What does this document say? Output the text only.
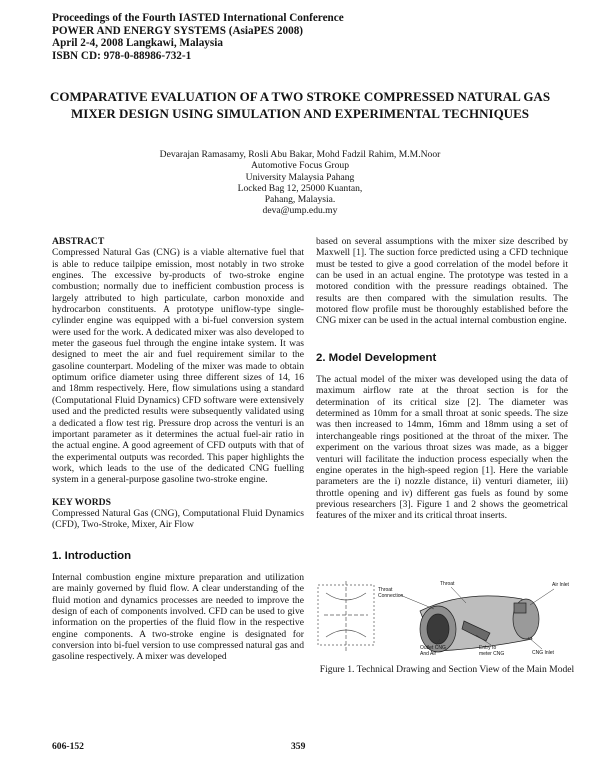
Proceedings of the Fourth IASTED International Conference
POWER AND ENERGY SYSTEMS (AsiaPES 2008)
April 2-4, 2008 Langkawi, Malaysia
ISBN CD: 978-0-88986-732-1
COMPARATIVE EVALUATION OF A TWO STROKE COMPRESSED NATURAL GAS MIXER DESIGN USING SIMULATION AND EXPERIMENTAL TECHNIQUES
Devarajan Ramasamy, Rosli Abu Bakar, Mohd Fadzil Rahim, M.M.Noor
Automotive Focus Group
University Malaysia Pahang
Locked Bag 12, 25000 Kuantan,
Pahang, Malaysia.
deva@ump.edu.my

ABSTRACT

Compressed Natural Gas (CNG) is a viable alternative fuel that is able to reduce tailpipe emission, most notably in two stroke engines. The excessive by-products of two-stroke engine combustion; normally due to inefficient combustion process is largely attributed to high particulate, carbon monoxide and hydrocarbon constituents. A prototype uniflow-type single-cylinder engine was equipped with a bi-fuel conversion system were used for the work. A dedicated mixer was also developed to meter the gaseous fuel through the engine intake system. It was designed to meet the air and fuel requirement similar to the gasoline counterpart. Modeling of the mixer was made to obtain optimum orifice diameter using three different sizes of 14, 16 and 18mm respectively. Here, flow simulations using a standard (Computational Fluid Dynamics) CFD software were extensively used and the predicted results were subsequently validated using a dedicated a flow test rig. Pressure drop across the venturi is an important parameter as it determines the actual fuel-air ratio in the actual engine. A good agreement of CFD outputs with that of the experimental outputs was recorded. This paper highlights the work, which leads to the use of the dedicated CNG fuelling system in a general-purpose gasoline two-stroke engine.

KEY WORDS

Compressed Natural Gas (CNG), Computational Fluid Dynamics (CFD), Two-Stroke, Mixer, Air Flow

1. Introduction

Internal combustion engine mixture preparation and utilization are mainly governed by fluid flow. A clear understanding of the fluid motion and dynamics processes are needed to improve the design of each of components involved. CFD can be used to give information on the properties of the fluid flow in the respective engine components. A two-stroke engine is designated for conversion into bi-fuel version to use compressed natural gas and gasoline respectively. A mixer was developed

based on several assumptions with the mixer size described by Maxwell [1]. The suction force predicted using a CFD technique must be tested to give a good correlation of the model before it can be used in an actual engine. The prototype was tested in a motored condition with the pressure readings obtained. The results are then compared with the simulation results. The motored flow profile must be thoroughly established before the CNG mixer can be used in the actual internal combustion engine.

2. Model Development

The actual model of the mixer was developed using the data of maximum airflow rate at the throat section is for the determination of its critical size [2]. The diameter was determined as 10mm for a small throat at sonic speeds. The size was then increased to 14mm, 16mm and 18mm using a set of interchangeable rings positioned at the throat of the mixer. The experiment on the various throat sizes was made, as a bigger venturi will facilitate the induction process especially when the engine operates in the high-speed region [1]. Here the variable parameters are the i) nozzle distance, ii) venturi diameter, iii) throttle opening and iv) different gas fuels as found by some previous researchers [3]. Figure 1 and 2 shows the geometrical features of the mixer and its critical throat inserts.

Throat
Throat Connection
Air Inlet
Outlet CNG And Air
Entry to meter CNG	CNG Inlet
Figure 1. Technical Drawing and Section View of the Main Model
606-152	359
